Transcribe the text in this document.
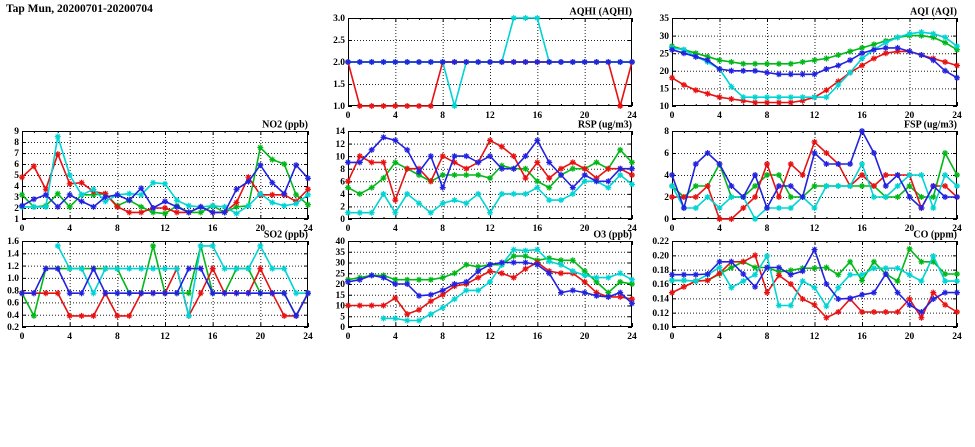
Tap Mun, 20200701-20200704
1.0
1.5
2.0
2.5
3.0
0	4	8	12	16	20	24
AQHI (AQHI)
10
15
20
25
30
35
0	4	8	12	16	20	24
AQI (AQI)
1
2
3
4
5
6
7
8
9
0	4	8	12	16	20	24
NO2 (ppb)
0
2
4
6
8
10
12
14
0	4	8	12	16	20	24
RSP (ug/m3)
0
2
4
6
8
0	4	8	12	16	20	24
FSP (ug/m3)
0.2
0.4
0.6
0.8
1.0
1.2
1.4
1.6
0	4	8	12	16	20	24
SO2 (ppb)
0
5
10
15
20
25
30
35
40
0	4	8	12	16	20	24
O3 (ppb)
0.10
0.12
0.14
0.16
0.18
0.20
0.22
0	4	8	12	16	20	24
CO (ppm)
